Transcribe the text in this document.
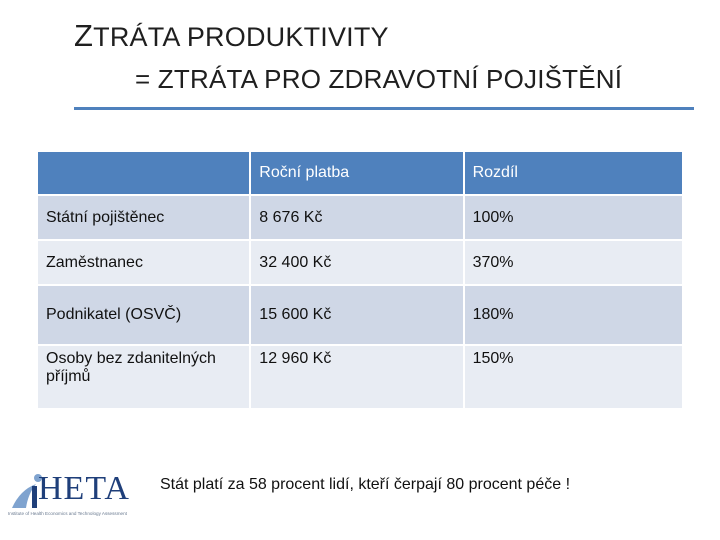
ZTRÁTA PRODUKTIVITY
= ZTRÁTA PRO ZDRAVOTNÍ POJIŠTĚNÍ
	Roční platba	Rozdíl
Státní pojištěnec	8 676 Kč	100%
Zaměstnanec	32 400 Kč	370%
Podnikatel (OSVČ)	15 600 Kč	180%
Osoby bez zdanitelných příjmů	12 960 Kč	150%
HETA
Institute of Health Economics and Technology Assessment
Stát platí za 58 procent lidí, kteří čerpají 80 procent péče !
